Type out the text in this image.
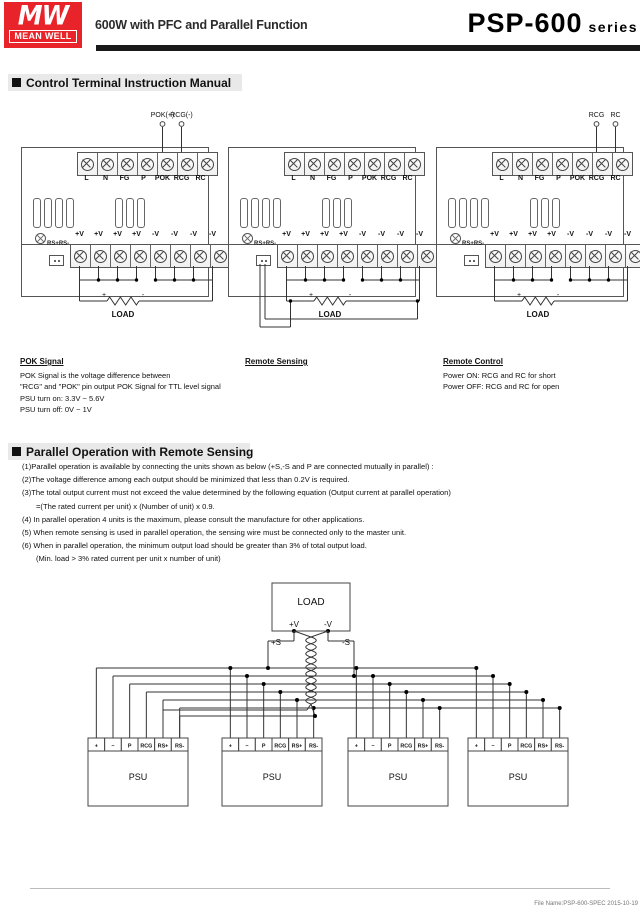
MW
MEAN WELL
600W with PFC and Parallel Function	PSP-600 series
Control Terminal Instruction Manual
L	N	FG	P	POK RCG RC
+V	+V	+V	+V	-V	-V	-V	-V
RS+RS-
+	-
LOAD
POK(+)
RCG(-)
L	N	FG	P	POK RCG RC
+V	+V	+V	+V	-V	-V	-V	-V
RS+RS-
+	-
LOAD
L	N	FG	P	POK RCG RC
+V	+V	+V	+V	-V	-V	-V	-V
RS+RS-
+	-
LOAD
RCG RC
POK Signal
POK Signal is the voltage difference between
"RCG" and "POK" pin output POK Signal for TTL level signal
PSU turn on: 3.3V ~ 5.6V
PSU turn off: 0V ~ 1V
Remote Sensing	Remote Control
Power ON: RCG and RC for short
Power OFF: RCG and RC for open
Parallel Operation with Remote Sensing
(1)Parallel operation is available by connecting the units shown as below (+S,-S and P are connected mutually in parallel) :
(2)The voltage difference among each output should be minimized that less than 0.2V is required.
(3)The total output current must not exceed the value determined by the following equation (Output current at parallel operation)
=(The rated current per unit) x (Number of unit) x 0.9.
(4) In parallel operation 4 units is the maximum, please consult the manufacture for other applications.
(5) When remote sensing is used in parallel operation, the sensing wire must be connected only to the master unit.
(6) When in parallel operation, the minimum output load should be greater than 3% of total output load.
(Min. load > 3% rated current per unit x number of unit)
LOAD
+V	-V
+S	-S
PSU
+	− P RCG RS+ RS-
PSU
+	− P RCG RS+ RS-
PSU
+	− P RCG RS+ RS-
PSU
+	− P RCG RS+ RS-
File Name:PSP-600-SPEC 2015-10-19
